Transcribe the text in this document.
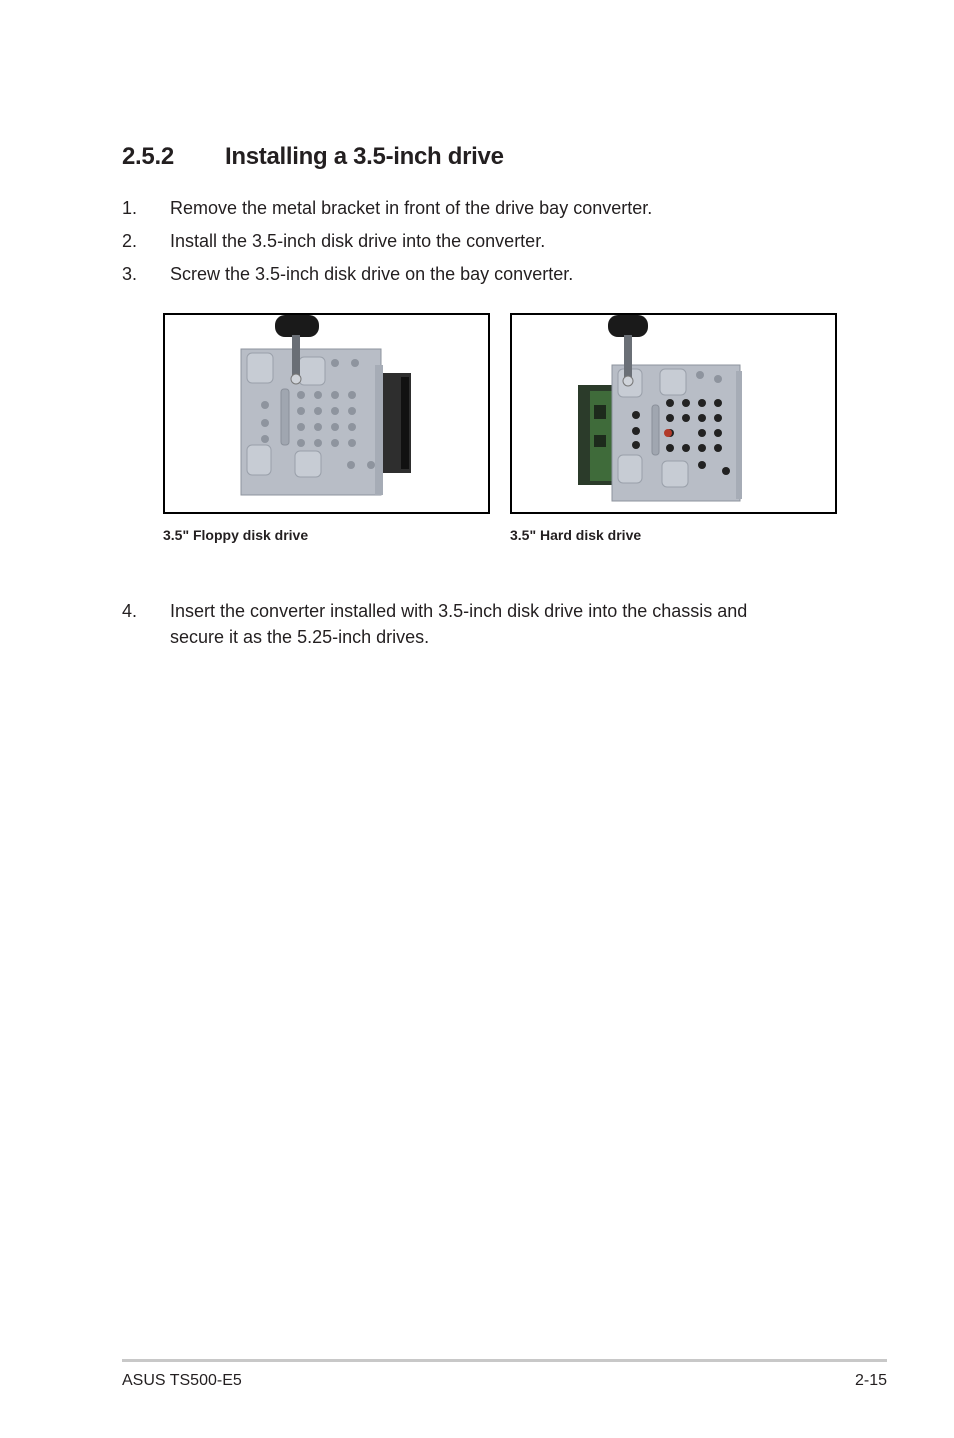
2.5.2 Installing a 3.5-inch drive
1. Remove the metal bracket in front of the drive bay converter.
2. Install the 3.5-inch disk drive into the converter.
3. Screw the 3.5-inch disk drive on the bay converter.
3.5" Floppy disk drive	3.5" Hard disk drive
4. Insert the converter installed with 3.5-inch disk drive into the chassis and
secure it as the 5.25-inch drives.
ASUS TS500-E5	2-15
